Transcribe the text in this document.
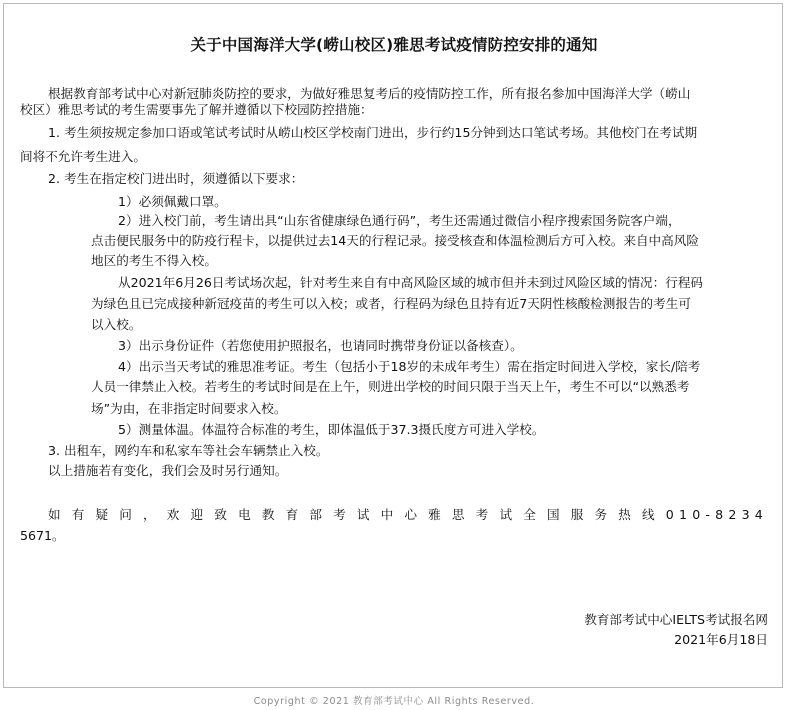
关于中国海洋大学(崂山校区)雅思考试疫情防控安排的通知
根据教育部考试中心对新冠肺炎防控的要求，为做好雅思复考后的疫情防控工作，所有报名参加中国海洋大学（崂山
校区）雅思考试的考生需要事先了解并遵循以下校园防控措施：
1. 考生须按规定参加口语或笔试考试时从崂山校区学校南门进出，步行约15分钟到达口笔试考场。其他校门在考试期
间将不允许考生进入。
2. 考生在指定校门进出时，须遵循以下要求：
1）必须佩戴口罩。
2）进入校门前，考生请出具“山东省健康绿色通行码”，考生还需通过微信小程序搜索国务院客户端，
点击便民服务中的防疫行程卡，以提供过去14天的行程记录。接受核查和体温检测后方可入校。来自中高风险
地区的考生不得入校。
从2021年6月26日考试场次起，针对考生来自有中高风险区域的城市但并未到过风险区域的情况：行程码
为绿色且已完成接种新冠疫苗的考生可以入校；或者，行程码为绿色且持有近7天阴性核酸检测报告的考生可
以入校。
3）出示身份证件（若您使用护照报名，也请同时携带身份证以备核查）。
4）出示当天考试的雅思准考证。考生（包括小于18岁的未成年考生）需在指定时间进入学校，家长/陪考
人员一律禁止入校。若考生的考试时间是在上午，则进出学校的时间只限于当天上午，考生不可以“以熟悉考
场”为由，在非指定时间要求入校。
5）测量体温。体温符合标准的考生，即体温低于37.3摄氏度方可进入学校。
3. 出租车，网约车和私家车等社会车辆禁止入校。
以上措施若有变化，我们会及时另行通知。
如有疑问，欢迎致电教育部考试中心雅思考试全国服务热线010-8234
5671。
教育部考试中心IELTS考试报名网
2021年6月18日
Copyright © 2021 教育部考试中心 All Rights Reserved.
